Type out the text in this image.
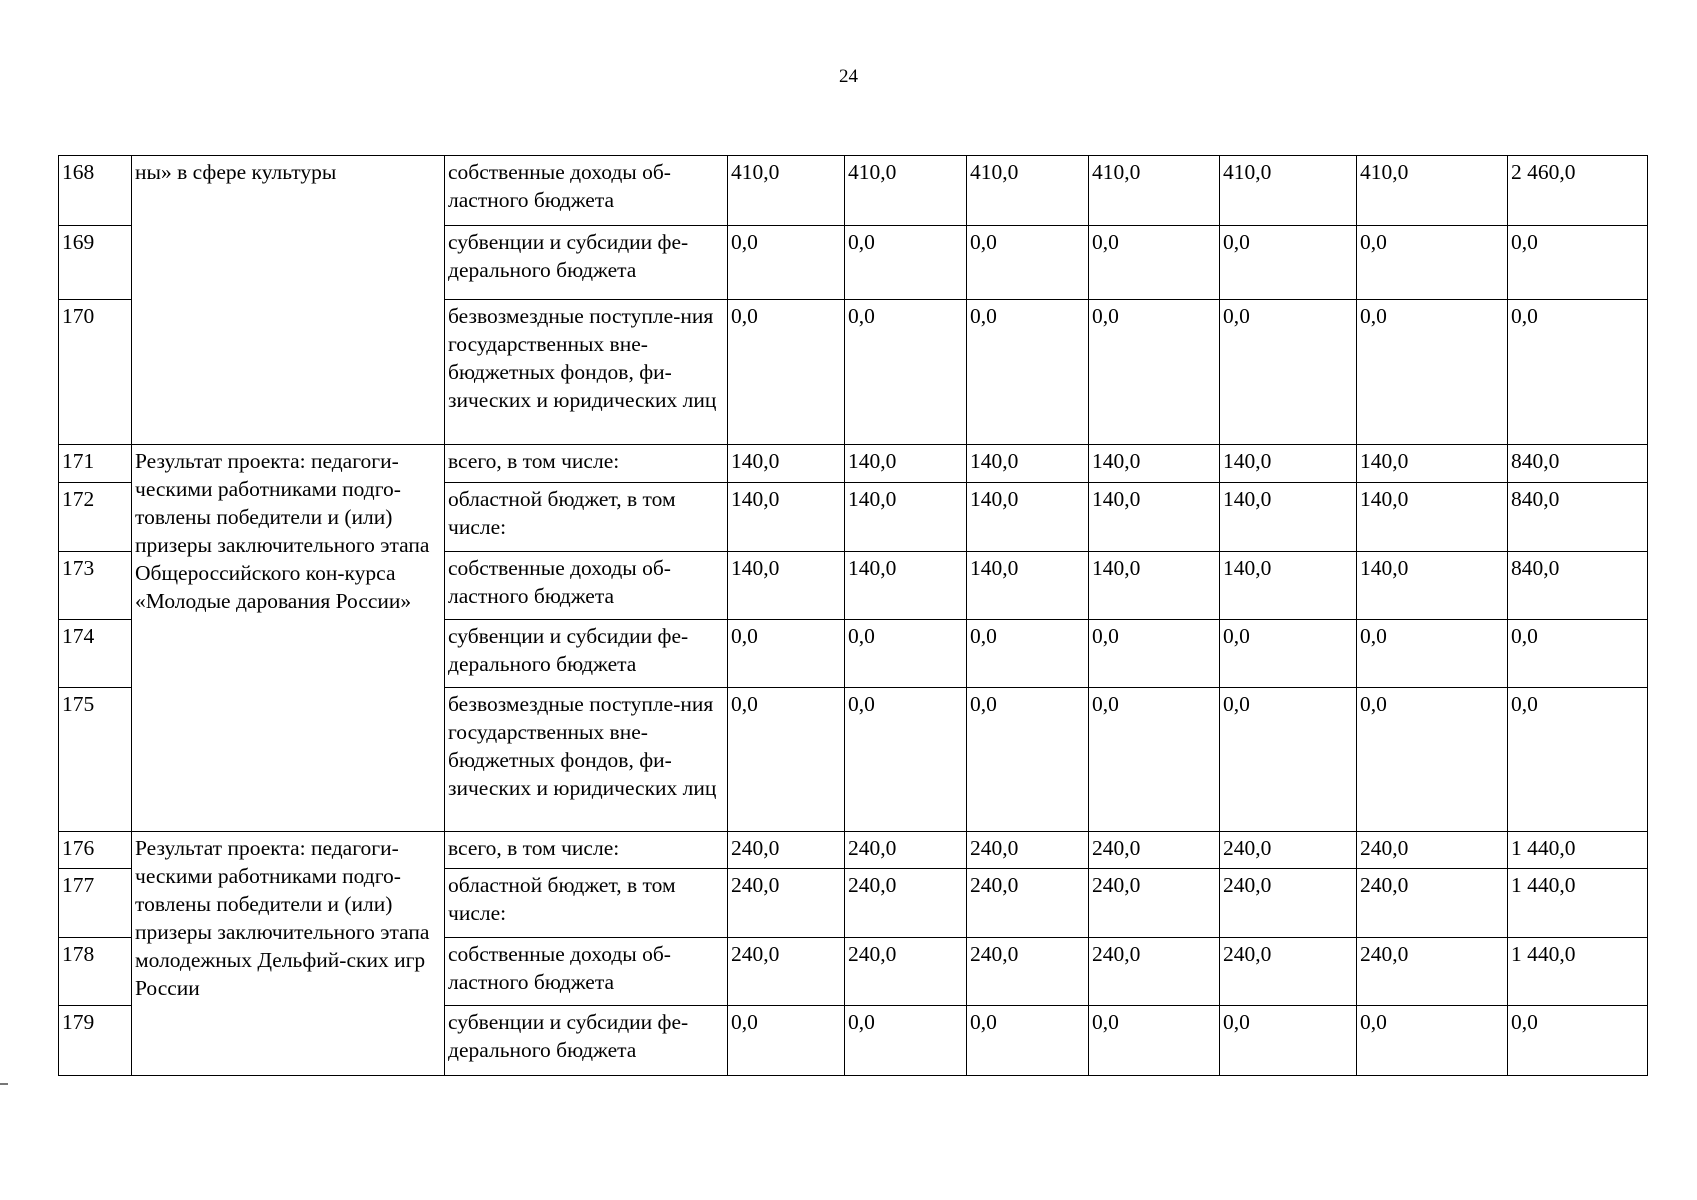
24
168	ны» в сфере культуры	собственные доходы об-ластного бюджета	410,0	410,0	410,0	410,0	410,0	410,0	2 460,0
169		субвенции и субсидии фе-дерального бюджета	0,0	0,0	0,0	0,0	0,0	0,0	0,0
170		безвозмездные поступле-ния государственных вне-бюджетных фондов, фи-зических и юридических лиц	0,0	0,0	0,0	0,0	0,0	0,0	0,0
171	Результат проекта: педагоги-ческими работниками подго-товлены победители и (или) призеры заключительного этапа Общероссийского кон-курса «Молодые дарования России»	всего, в том числе:	140,0	140,0	140,0	140,0	140,0	140,0	840,0
172		областной бюджет, в том числе:	140,0	140,0	140,0	140,0	140,0	140,0	840,0
173		собственные доходы об-ластного бюджета	140,0	140,0	140,0	140,0	140,0	140,0	840,0
174		субвенции и субсидии фе-дерального бюджета	0,0	0,0	0,0	0,0	0,0	0,0	0,0
175		безвозмездные поступле-ния государственных вне-бюджетных фондов, фи-зических и юридических лиц	0,0	0,0	0,0	0,0	0,0	0,0	0,0
176	Результат проекта: педагоги-ческими работниками подго-товлены победители и (или) призеры заключительного этапа молодежных Дельфий-ских игр России	всего, в том числе:	240,0	240,0	240,0	240,0	240,0	240,0	1 440,0
177		областной бюджет, в том числе:	240,0	240,0	240,0	240,0	240,0	240,0	1 440,0
178		собственные доходы об-ластного бюджета	240,0	240,0	240,0	240,0	240,0	240,0	1 440,0
179		субвенции и субсидии фе-дерального бюджета	0,0	0,0	0,0	0,0	0,0	0,0	0,0
